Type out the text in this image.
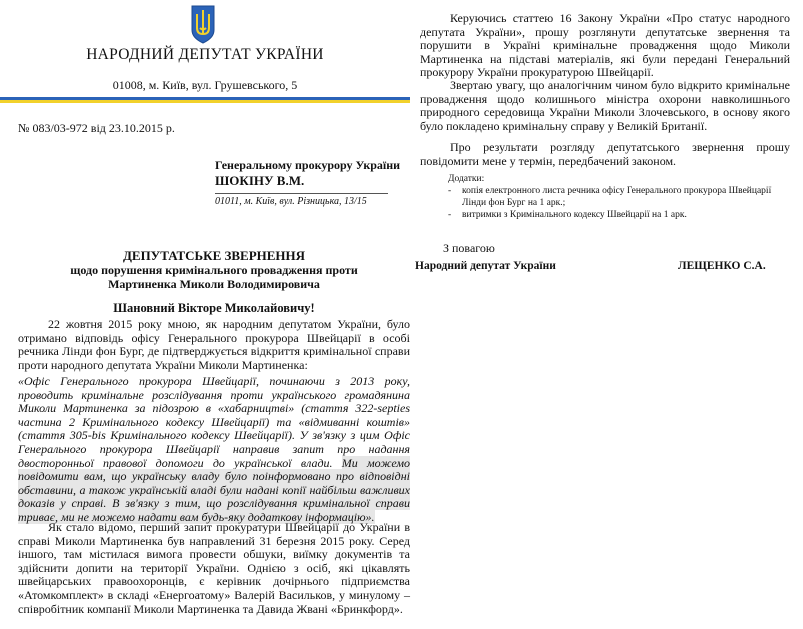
НАРОДНИЙ ДЕПУТАТ УКРАЇНИ
01008, м. Київ, вул. Грушевського, 5
№ 083/03-972 від 23.10.2015 р.
Генеральному прокурору України
ШОКІНУ В.М.
01011, м. Київ, вул. Різницька, 13/15
ДЕПУТАТСЬКЕ ЗВЕРНЕННЯ
щодо порушення кримінального провадження проти
Мартиненка Миколи Володимировича
Шановний Вікторе Миколайовичу!
22 жовтня 2015 року мною, як народним депутатом України, було отримано відповідь офісу Генерального прокурора Швейцарії в особі речника Лінди фон Бург, де підтверджується відкриття кримінальної справи проти народного депутата України Миколи Мартиненка:
«Офіс Генерального прокурора Швейцарії, починаючи з 2013 року, проводить кримінальне розслідування проти українського громадянина Миколи Мартиненка за підозрою в «хабарництві» (стаття 322-septies частина 2 Кримінального кодексу Швейцарії) та «відмиванні коштів» (стаття 305-bis Кримінального кодексу Швейцарії). У зв'язку з цим Офіс Генерального прокурора Швейцарії направив запит про надання двосторонньої правової допомоги до української влади. Ми можемо повідомити вам, що українську владу було поінформовано про відповідні обставини, а також українській владі були надані копії найбільш важливих доказів у справі. В зв'язку з тим, що розслідування кримінальної справи триває, ми не можемо надати вам будь-яку додаткову інформацію».
Як стало відомо, перший запит прокуратури Швейцарії до України в справі Миколи Мартиненка був направлений 31 березня 2015 року. Серед іншого, там містилася вимога провести обшуки, виїмку документів та здійснити допити на території України. Однією з осіб, які цікавлять швейцарських правоохоронців, є керівник дочірнього підприємства «Атомкомплект» в складі «Енергоатому» Валерій Васильков, у минулому – співробітник компанії Миколи Мартиненка та Давида Жвані «Бринкфорд».

Керуючись статтею 16 Закону України «Про статус народного депутата України», прошу розглянути депутатське звернення та порушити в Україні кримінальне провадження щодо Миколи Мартиненка на підставі матеріалів, які були передані Генеральний прокурору України прокуратурою Швейцарії.

Звертаю увагу, що аналогічним чином було відкрито кримінальне провадження щодо колишнього міністра охорони навколишнього природного середовища України Миколи Злочевського, в основу якого було покладено кримінальну справу у Великій Британії.

Про результати розгляду депутатського звернення прошу повідомити мене у термін, передбачений законом.

Додатки:
- копія електронного листа речника офісу Генерального прокурора Швейцарії Лінди фон Бург на 1 арк.;
- витримки з Кримінального кодексу Швейцарії на 1 арк.
З повагою
Народний депутат України	ЛЕЩЕНКО С.А.
